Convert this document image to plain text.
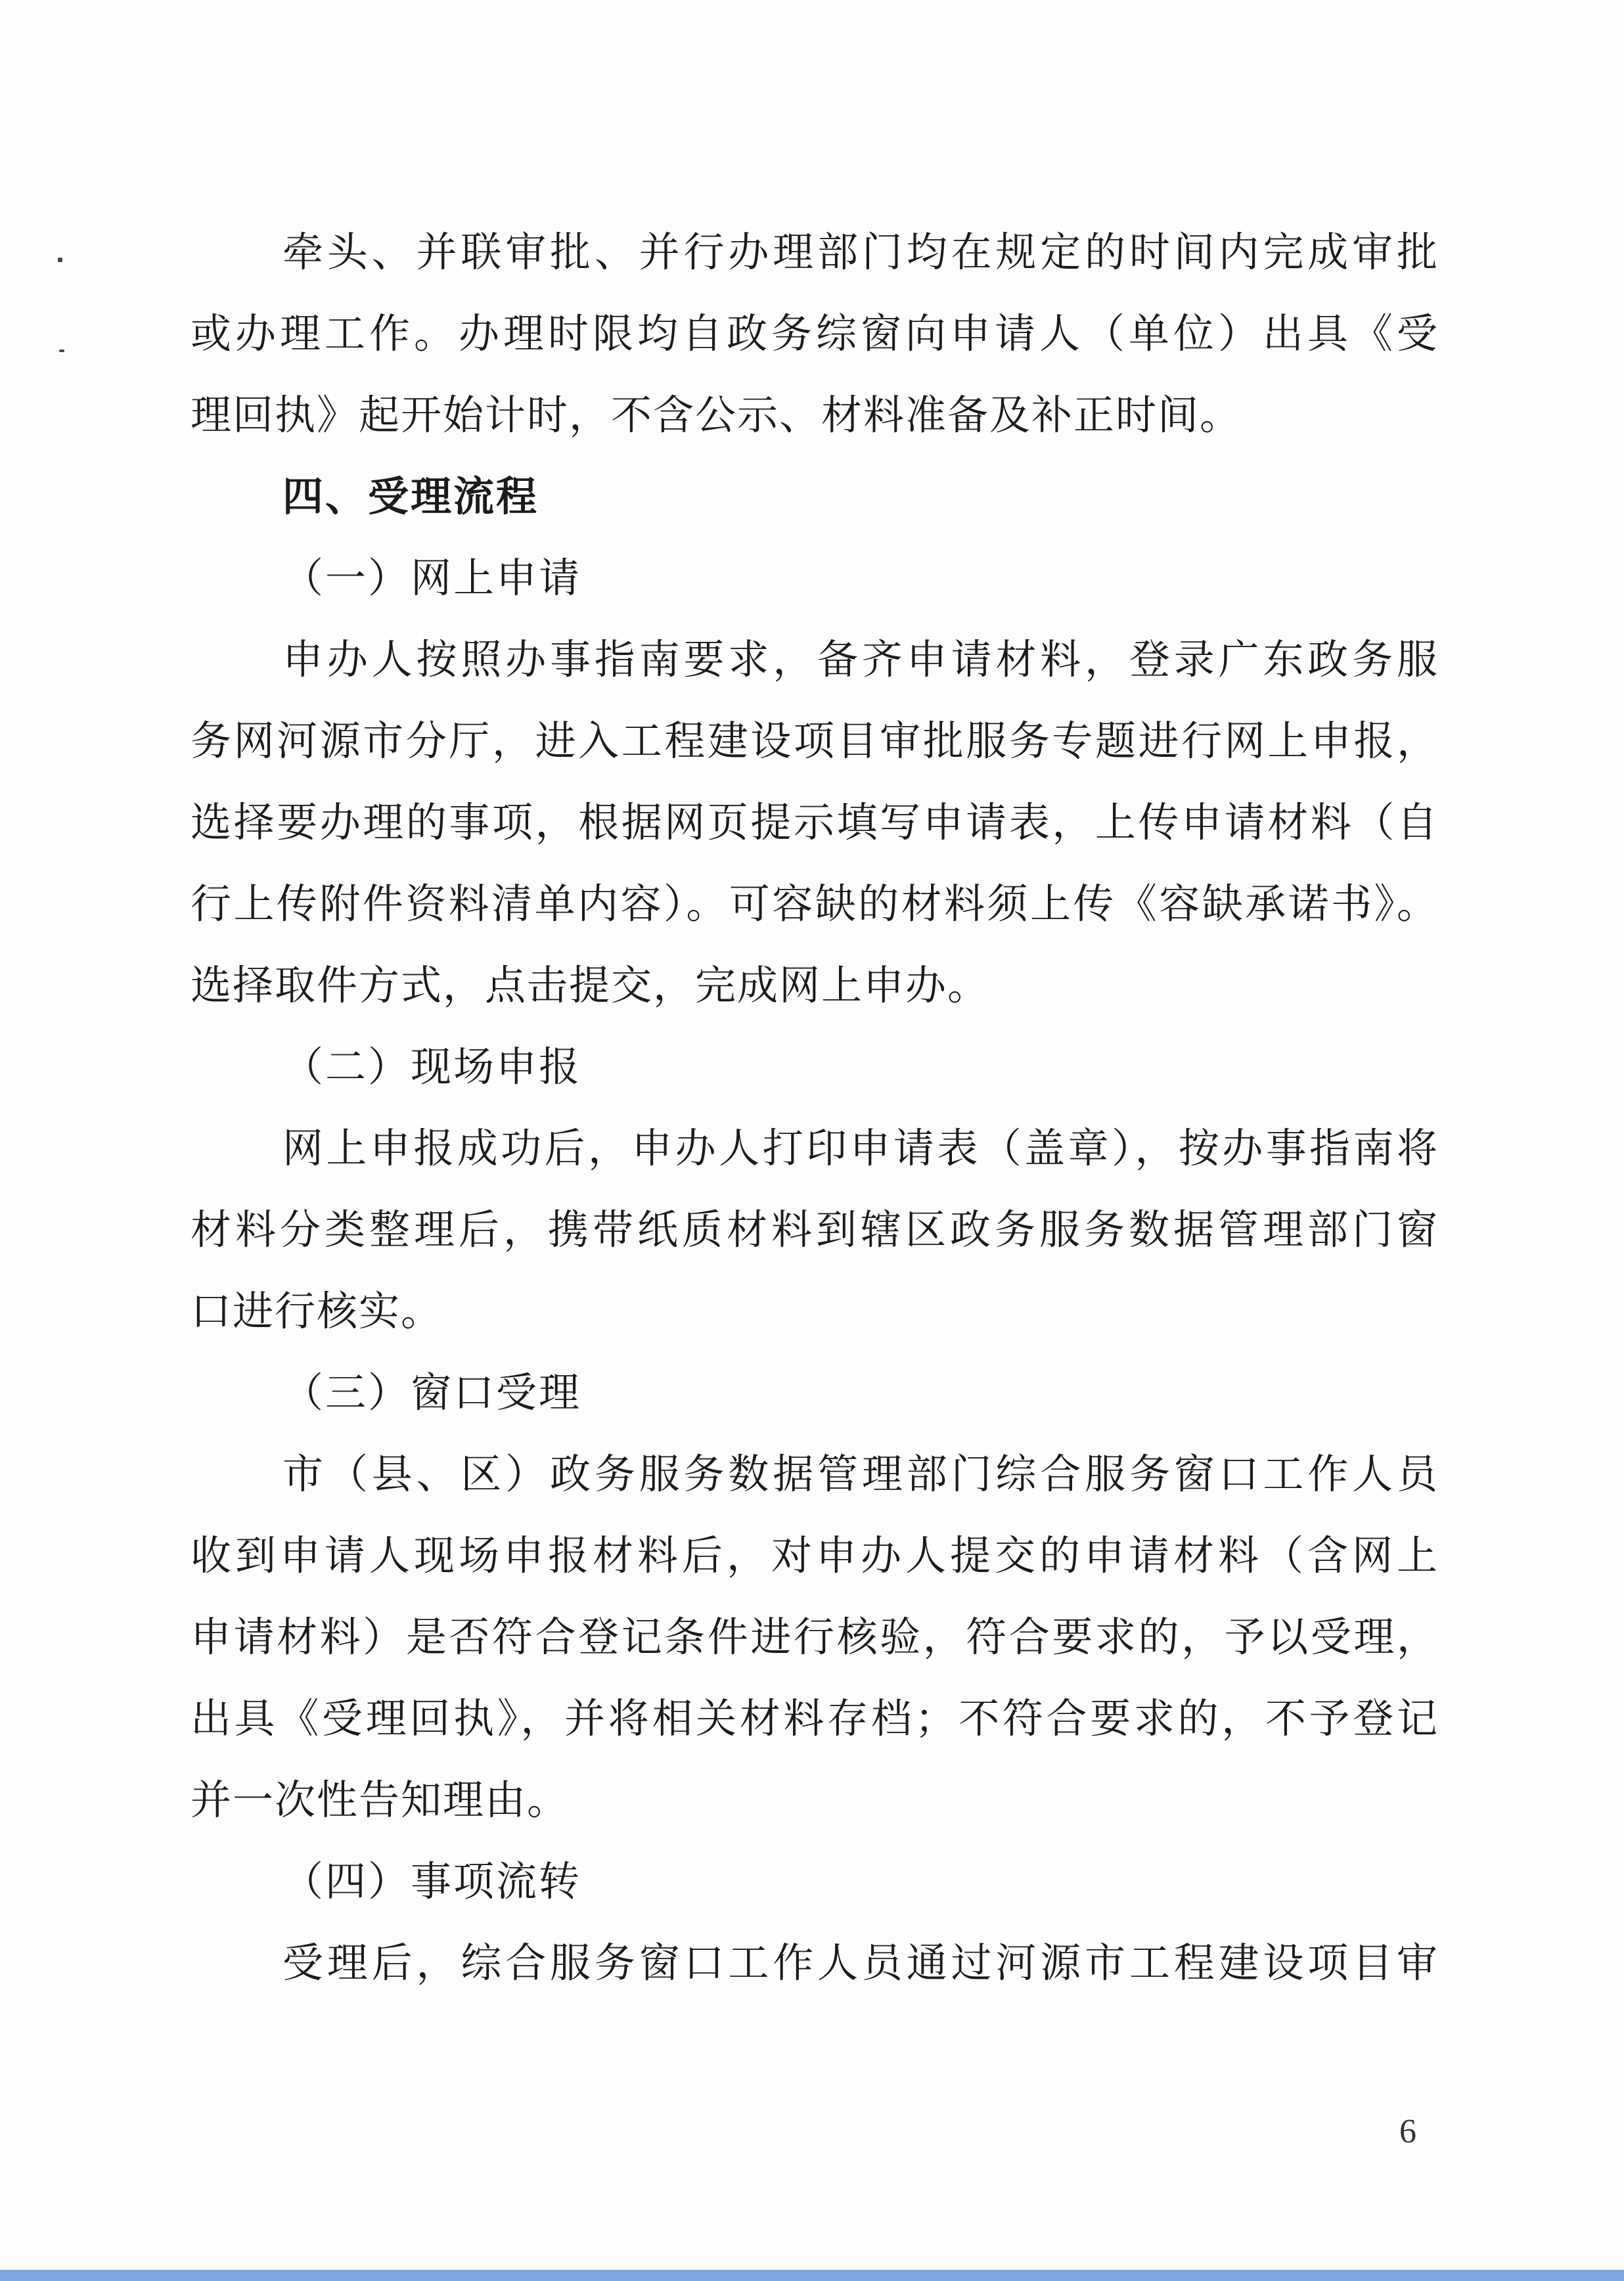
牵头、并联审批、并行办理部门均在规定的时间内完成审批
或办理工作。办理时限均自政务综窗向申请人（单位）出具《受
理回执》起开始计时，不含公示、材料准备及补正时间。
四、受理流程
（一）网上申请
申办人按照办事指南要求，备齐申请材料，登录广东政务服
务网河源市分厅，进入工程建设项目审批服务专题进行网上申报，
选择要办理的事项，根据网页提示填写申请表，上传申请材料（自
行上传附件资料清单内容）。可容缺的材料须上传《容缺承诺书》。
选择取件方式，点击提交，完成网上申办。
（二）现场申报
网上申报成功后，申办人打印申请表（盖章），按办事指南将
材料分类整理后，携带纸质材料到辖区政务服务数据管理部门窗
口进行核实。
（三）窗口受理
市（县、区）政务服务数据管理部门综合服务窗口工作人员
收到申请人现场申报材料后，对申办人提交的申请材料（含网上
申请材料）是否符合登记条件进行核验，符合要求的，予以受理，
出具《受理回执》，并将相关材料存档；不符合要求的，不予登记
并一次性告知理由。
（四）事项流转
受理后，综合服务窗口工作人员通过河源市工程建设项目审
6
